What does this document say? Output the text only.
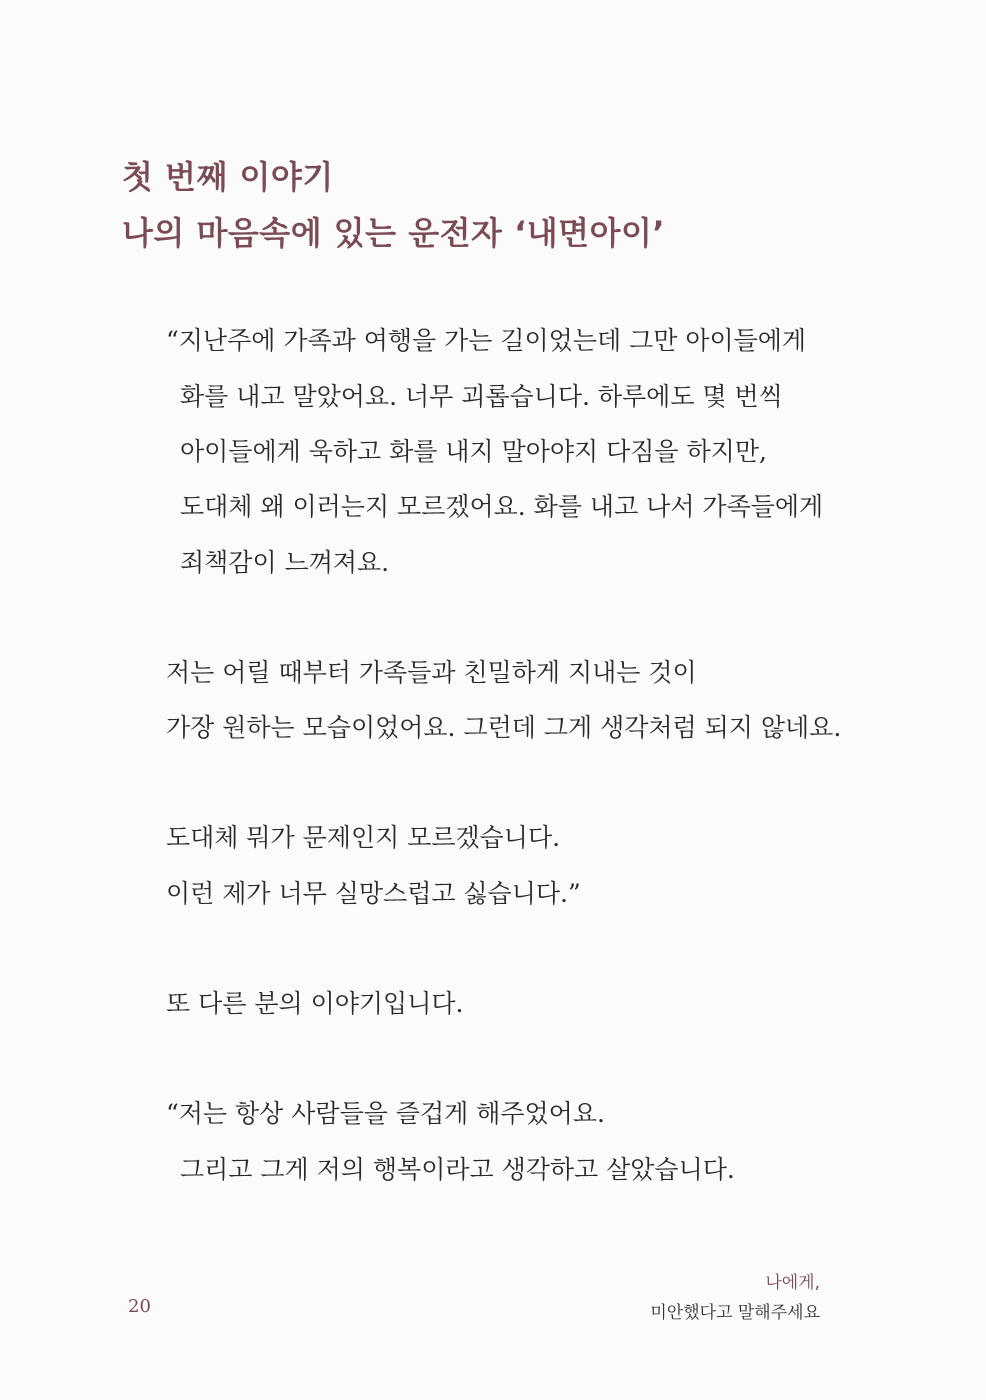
첫 번째 이야기
나의 마음속에 있는 운전자 ‘내면아이’
“지난주에 가족과 여행을 가는 길이었는데 그만 아이들에게
화를 내고 말았어요. 너무 괴롭습니다. 하루에도 몇 번씩
아이들에게 욱하고 화를 내지 말아야지 다짐을 하지만,
도대체 왜 이러는지 모르겠어요. 화를 내고 나서 가족들에게
죄책감이 느껴져요.
저는 어릴 때부터 가족들과 친밀하게 지내는 것이
가장 원하는 모습이었어요. 그런데 그게 생각처럼 되지 않네요.
도대체 뭐가 문제인지 모르겠습니다.
이런 제가 너무 실망스럽고 싫습니다.”
또 다른 분의 이야기입니다.
“저는 항상 사람들을 즐겁게 해주었어요.
그리고 그게 저의 행복이라고 생각하고 살았습니다.
20
나에게,
미안했다고 말해주세요
